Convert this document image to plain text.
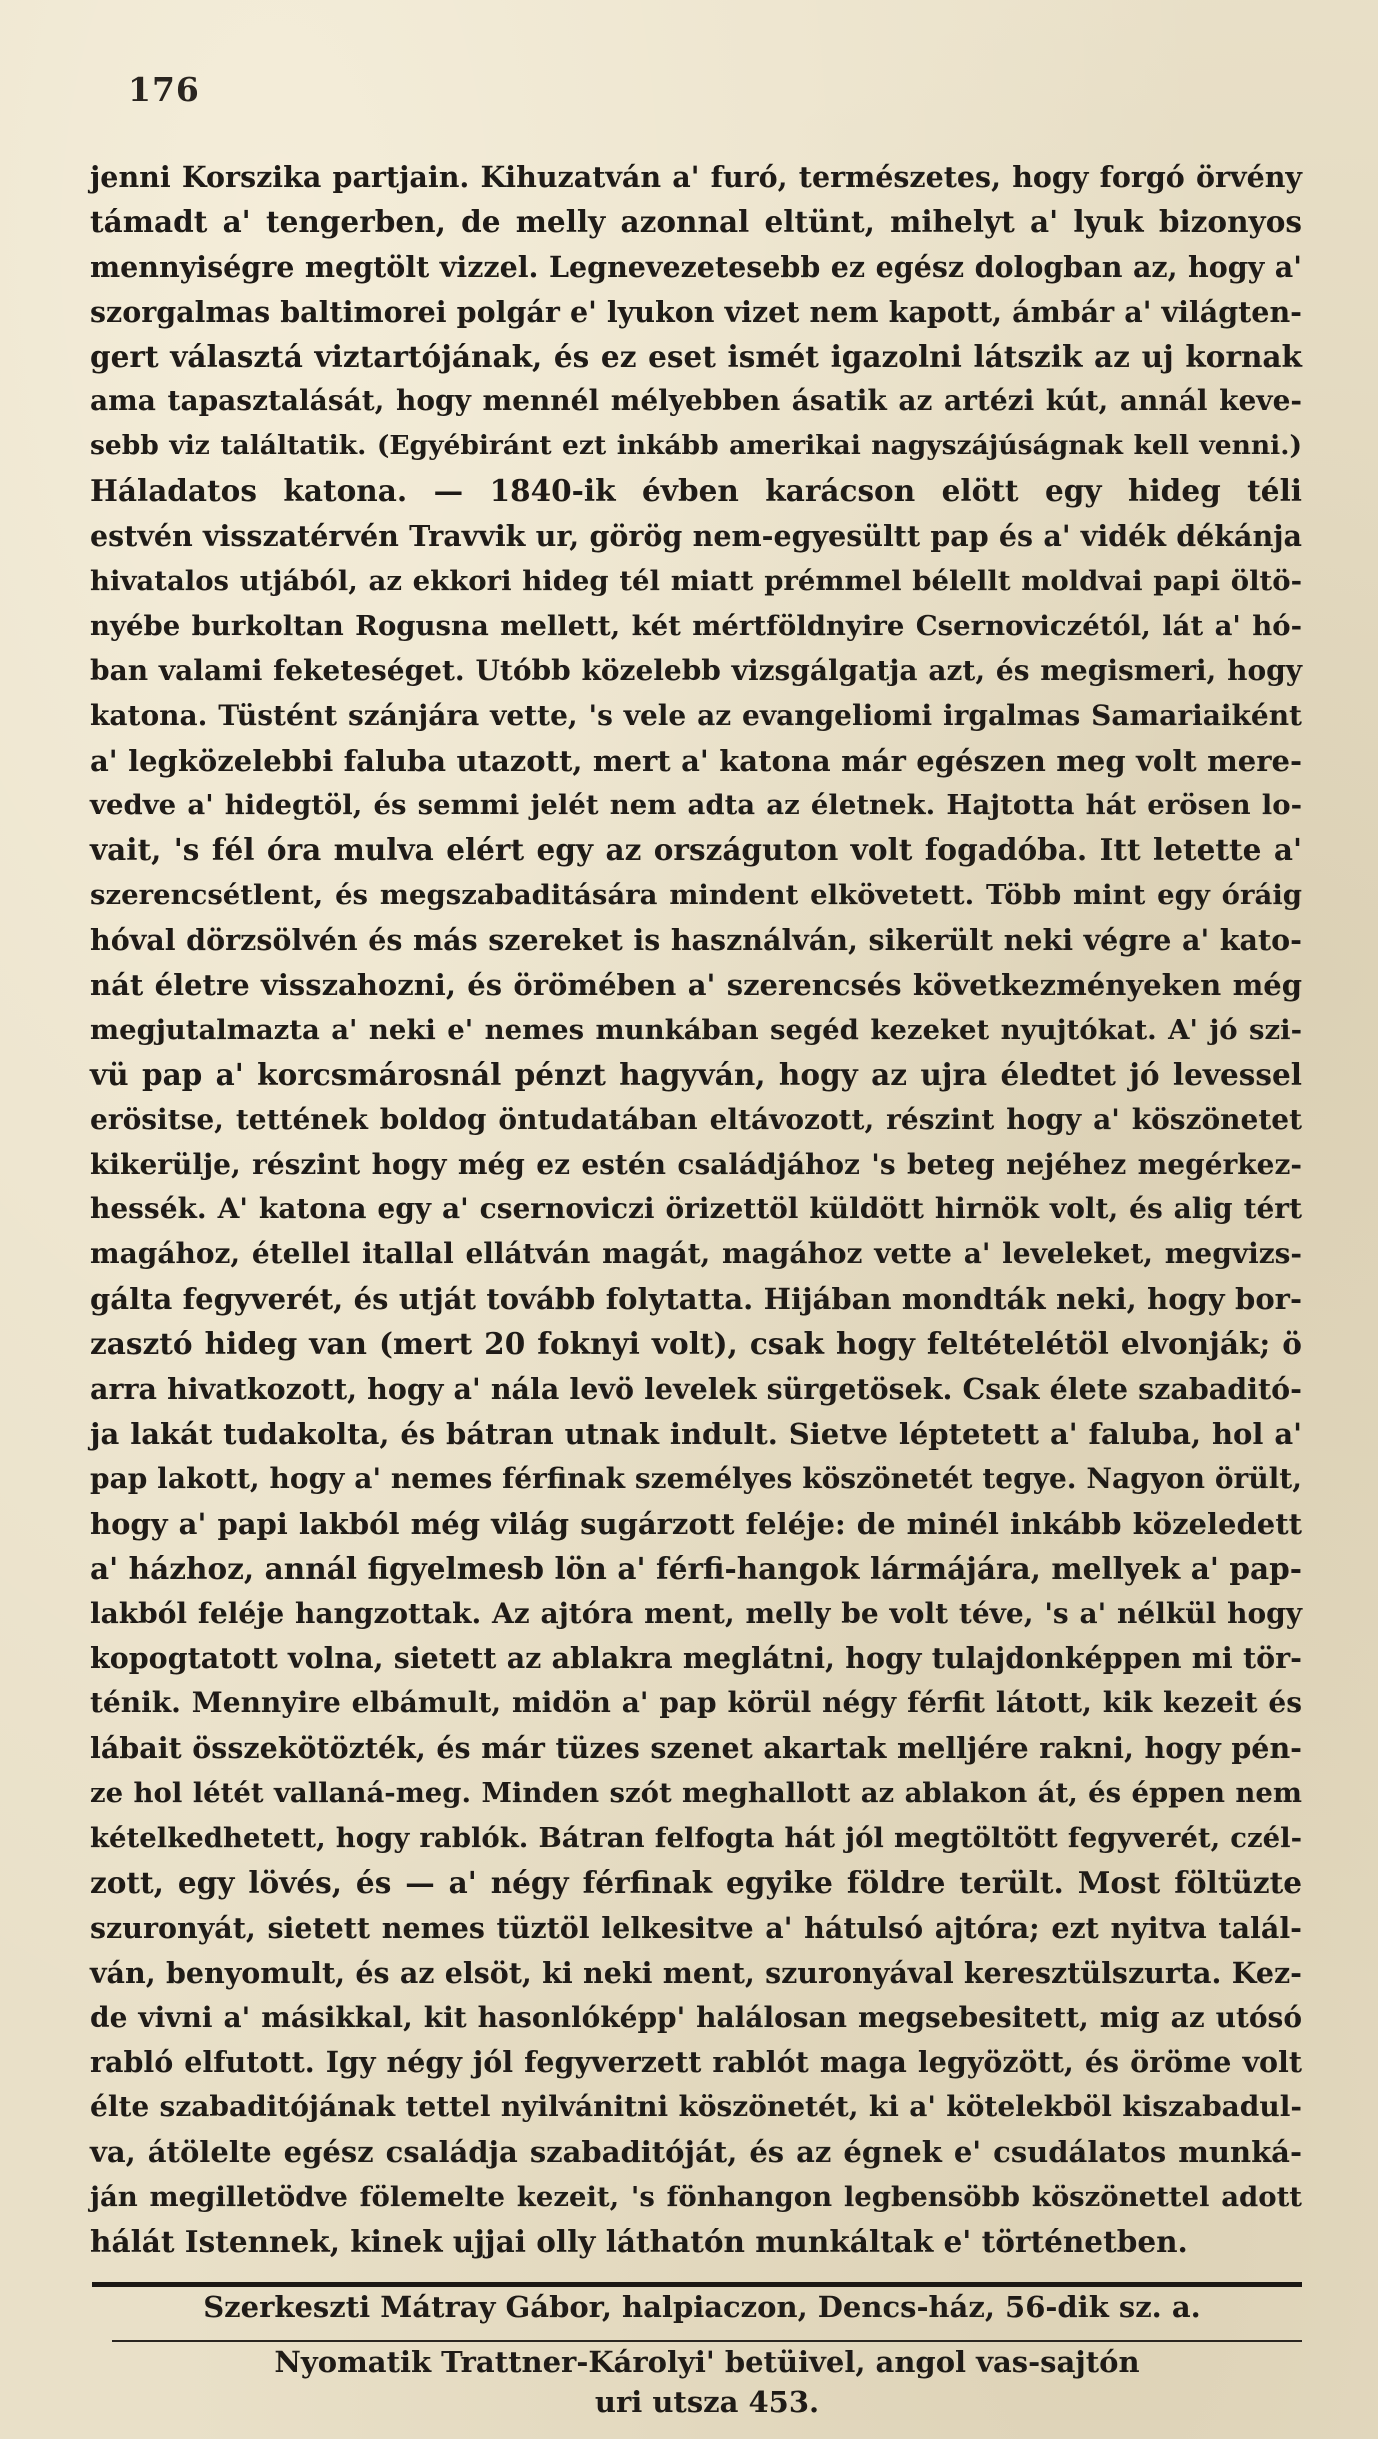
176
jenni Korszika partjain. Kihuzatván a' furó, természetes, hogy forgó örvény
támadt a' tengerben, de melly azonnal eltünt, mihelyt a' lyuk bizonyos
mennyiségre megtölt vizzel. Legnevezetesebb ez egész dologban az, hogy a'
szorgalmas baltimorei polgár e' lyukon vizet nem kapott, ámbár a' világten-
gert választá viztartójának, és ez eset ismét igazolni látszik az uj kornak
ama tapasztalását, hogy mennél mélyebben ásatik az artézi kút, annál keve-
sebb viz találtatik. (Egyébiránt ezt inkább amerikai nagyszájúságnak kell venni.)
Háladatos katona. — 1840-ik évben karácson elött egy hideg téli
estvén visszatérvén Travvik ur, görög nem-egyesültt pap és a' vidék dékánja
hivatalos utjából, az ekkori hideg tél miatt prémmel bélellt moldvai papi öltö-
nyébe burkoltan Rogusna mellett, két mértföldnyire Csernoviczétól, lát a' hó-
ban valami feketeséget. Utóbb közelebb vizsgálgatja azt, és megismeri, hogy
katona. Tüstént szánjára vette, 's vele az evangeliomi irgalmas Samariaiként
a' legközelebbi faluba utazott, mert a' katona már egészen meg volt mere-
vedve a' hidegtöl, és semmi jelét nem adta az életnek. Hajtotta hát erösen lo-
vait, 's fél óra mulva elért egy az országuton volt fogadóba. Itt letette a'
szerencsétlent, és megszabaditására mindent elkövetett. Több mint egy óráig
hóval dörzsölvén és más szereket is használván, sikerült neki végre a' kato-
nát életre visszahozni, és örömében a' szerencsés következményeken még
megjutalmazta a' neki e' nemes munkában segéd kezeket nyujtókat. A' jó szi-
vü pap a' korcsmárosnál pénzt hagyván, hogy az ujra éledtet jó levessel
erösitse, tettének boldog öntudatában eltávozott, részint hogy a' köszönetet
kikerülje, részint hogy még ez estén családjához 's beteg nejéhez megérkez-
hessék. A' katona egy a' csernoviczi örizettöl küldött hirnök volt, és alig tért
magához, étellel itallal ellátván magát, magához vette a' leveleket, megvizs-
gálta fegyverét, és utját tovább folytatta. Hijában mondták neki, hogy bor-
zasztó hideg van (mert 20 foknyi volt), csak hogy feltételétöl elvonják; ö
arra hivatkozott, hogy a' nála levö levelek sürgetösek. Csak élete szabaditó-
ja lakát tudakolta, és bátran utnak indult. Sietve léptetett a' faluba, hol a'
pap lakott, hogy a' nemes férfinak személyes köszönetét tegye. Nagyon örült,
hogy a' papi lakból még világ sugárzott feléje: de minél inkább közeledett
a' házhoz, annál figyelmesb lön a' férfi-hangok lármájára, mellyek a' pap-
lakból feléje hangzottak. Az ajtóra ment, melly be volt téve, 's a' nélkül hogy
kopogtatott volna, sietett az ablakra meglátni, hogy tulajdonképpen mi tör-
ténik. Mennyire elbámult, midön a' pap körül négy férfit látott, kik kezeit és
lábait összekötözték, és már tüzes szenet akartak melljére rakni, hogy pén-
ze hol létét vallaná-meg. Minden szót meghallott az ablakon át, és éppen nem
kételkedhetett, hogy rablók. Bátran felfogta hát jól megtöltött fegyverét, czél-
zott, egy lövés, és — a' négy férfinak egyike földre terült. Most föltüzte
szuronyát, sietett nemes tüztöl lelkesitve a' hátulsó ajtóra; ezt nyitva talál-
ván, benyomult, és az elsöt, ki neki ment, szuronyával keresztülszurta. Kez-
de vivni a' másikkal, kit hasonlóképp' halálosan megsebesitett, mig az utósó
rabló elfutott. Igy négy jól fegyverzett rablót maga legyözött, és öröme volt
élte szabaditójának tettel nyilvánitni köszönetét, ki a' kötelekböl kiszabadul-
va, átölelte egész családja szabaditóját, és az égnek e' csudálatos munká-
ján megilletödve fölemelte kezeit, 's fönhangon legbensöbb köszönettel adott
hálát Istennek, kinek ujjai olly láthatón munkáltak e' történetben.
Szerkeszti Mátray Gábor, halpiaczon, Dencs-ház, 56-dik sz. a.
Nyomatik Trattner-Károlyi' betüivel, angol vas-sajtón
uri utsza 453.
